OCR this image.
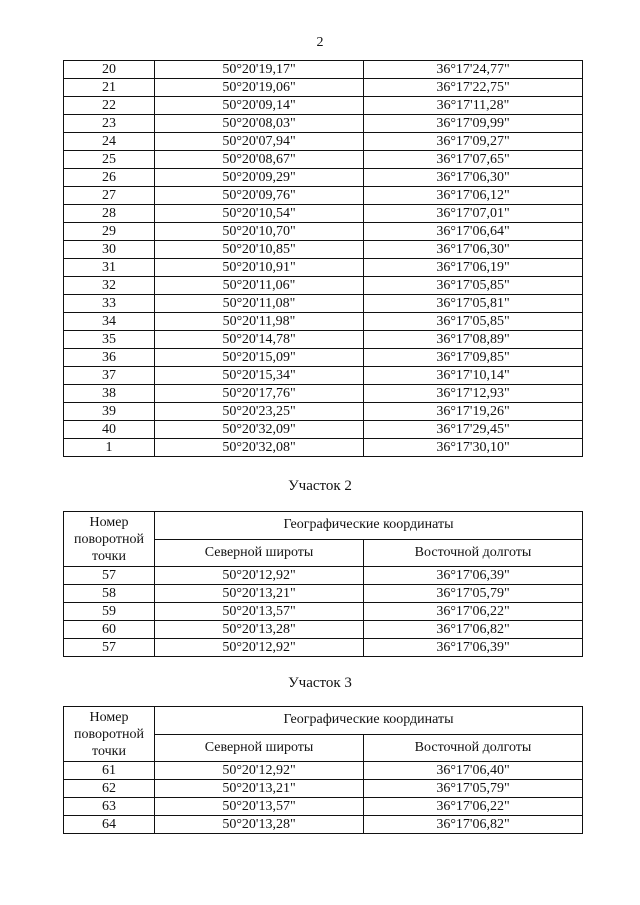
2
20	50°20'19,17"	36°17'24,77"
21	50°20'19,06"	36°17'22,75"
22	50°20'09,14"	36°17'11,28"
23	50°20'08,03"	36°17'09,99"
24	50°20'07,94"	36°17'09,27"
25	50°20'08,67"	36°17'07,65"
26	50°20'09,29"	36°17'06,30"
27	50°20'09,76"	36°17'06,12"
28	50°20'10,54"	36°17'07,01"
29	50°20'10,70"	36°17'06,64"
30	50°20'10,85"	36°17'06,30"
31	50°20'10,91"	36°17'06,19"
32	50°20'11,06"	36°17'05,85"
33	50°20'11,08"	36°17'05,81"
34	50°20'11,98"	36°17'05,85"
35	50°20'14,78"	36°17'08,89"
36	50°20'15,09"	36°17'09,85"
37	50°20'15,34"	36°17'10,14"
38	50°20'17,76"	36°17'12,93"
39	50°20'23,25"	36°17'19,26"
40	50°20'32,09"	36°17'29,45"
1	50°20'32,08"	36°17'30,10"
Участок 2
Номер поворотной точки	Географические координаты	
	Северной широты	Восточной долготы
57	50°20'12,92"	36°17'06,39"
58	50°20'13,21"	36°17'05,79"
59	50°20'13,57"	36°17'06,22"
60	50°20'13,28"	36°17'06,82"
57	50°20'12,92"	36°17'06,39"
Участок 3
Номер поворотной точки	Географические координаты	
	Северной широты	Восточной долготы
61	50°20'12,92"	36°17'06,40"
62	50°20'13,21"	36°17'05,79"
63	50°20'13,57"	36°17'06,22"
64	50°20'13,28"	36°17'06,82"
